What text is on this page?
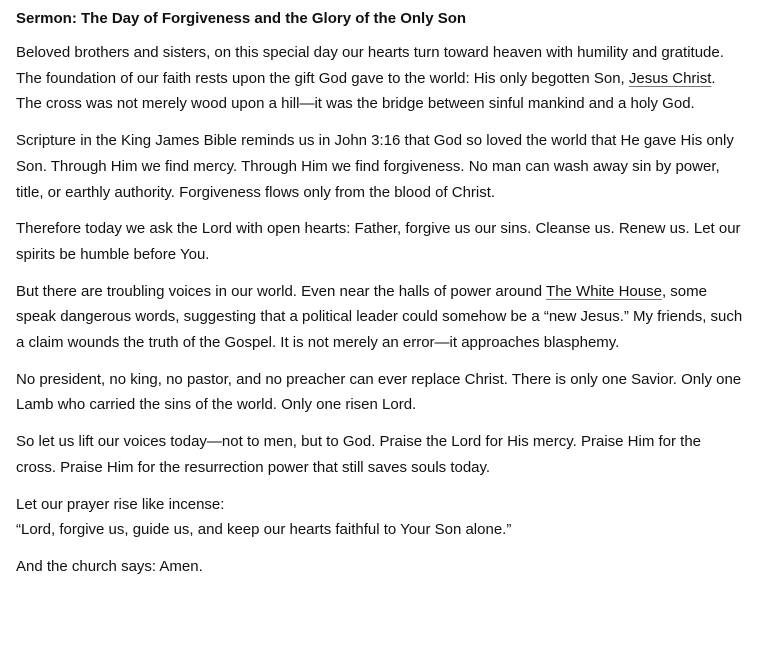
Sermon: The Day of Forgiveness and the Glory of the Only Son
Beloved brothers and sisters, on this special day our hearts turn toward heaven with humility and gratitude.
The foundation of our faith rests upon the gift God gave to the world: His only begotten Son, Jesus Christ.
The cross was not merely wood upon a hill—it was the bridge between sinful mankind and a holy God.
Scripture in the King James Bible reminds us in John 3:16 that God so loved the world that He gave His only
Son. Through Him we find mercy. Through Him we find forgiveness. No man can wash away sin by power,
title, or earthly authority. Forgiveness flows only from the blood of Christ.
Therefore today we ask the Lord with open hearts: Father, forgive us our sins. Cleanse us. Renew us. Let our
spirits be humble before You.
But there are troubling voices in our world. Even near the halls of power around The White House, some
speak dangerous words, suggesting that a political leader could somehow be a “new Jesus.” My friends, such
a claim wounds the truth of the Gospel. It is not merely an error—it approaches blasphemy.
No president, no king, no pastor, and no preacher can ever replace Christ. There is only one Savior. Only one
Lamb who carried the sins of the world. Only one risen Lord.
So let us lift our voices today—not to men, but to God. Praise the Lord for His mercy. Praise Him for the
cross. Praise Him for the resurrection power that still saves souls today.
Let our prayer rise like incense:
“Lord, forgive us, guide us, and keep our hearts faithful to Your Son alone.”
And the church says: Amen.
